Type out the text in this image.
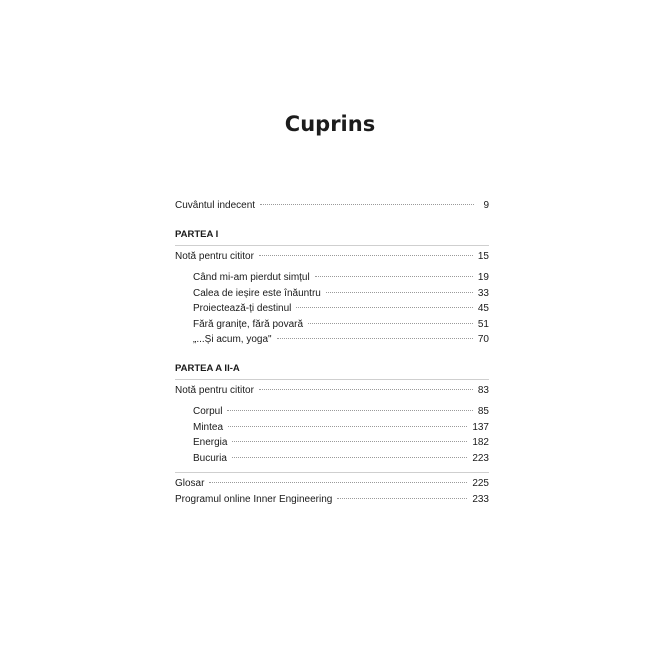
Cuprins
Cuvântul indecent	9
PARTEA I
Notă pentru cititor	15
Când mi-am pierdut simțul	19
Calea de ieșire este înăuntru	33
Proiectează-ți destinul	45
Fără granițe, fără povară	51
„...Și acum, yoga"	70
PARTEA A II-A
Notă pentru cititor	83
Corpul	85
Mintea	137
Energia	182
Bucuria	223
Glosar	225
Programul online Inner Engineering	233
